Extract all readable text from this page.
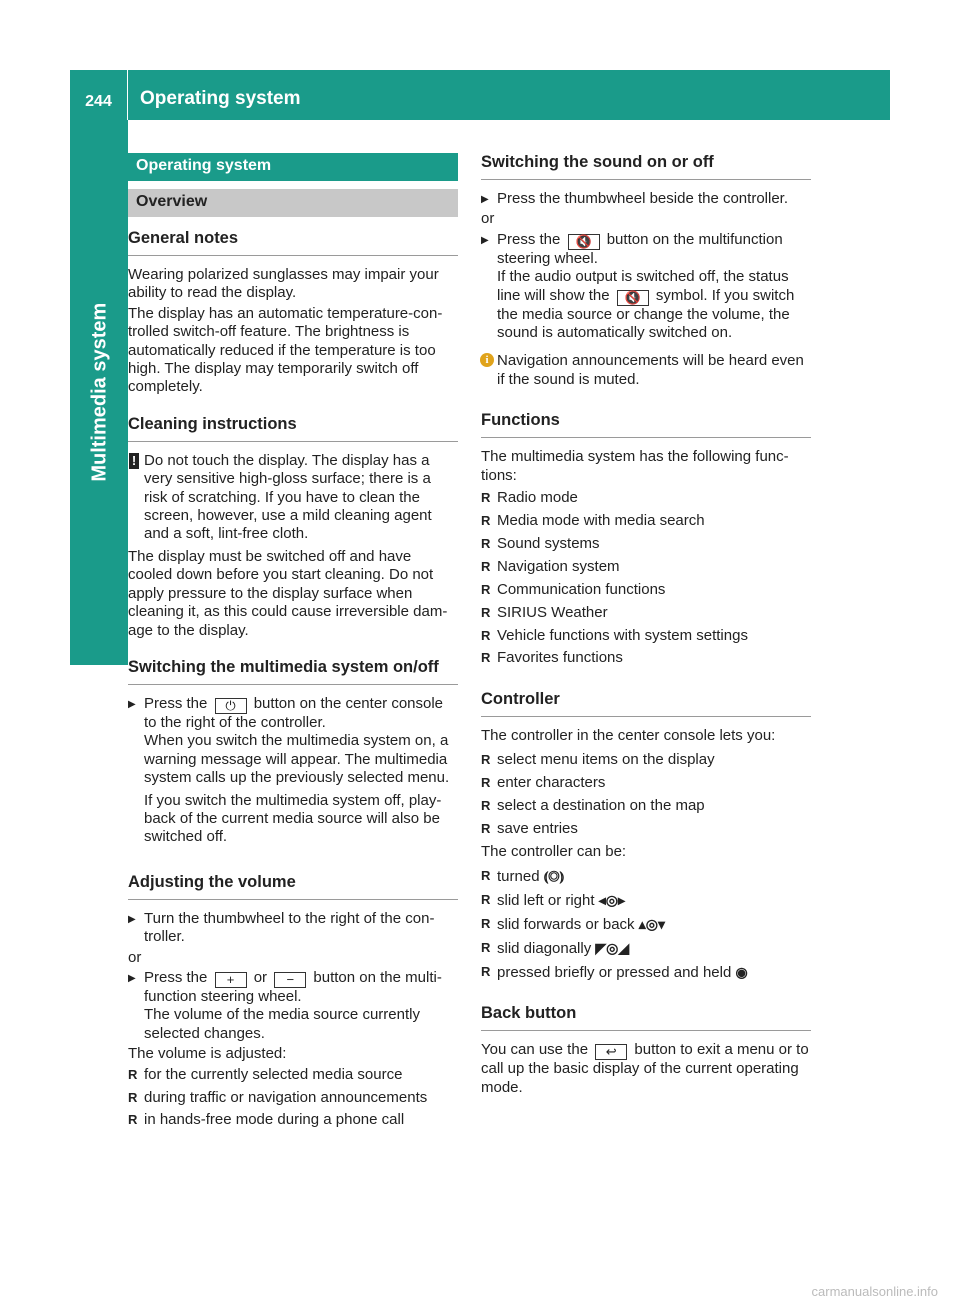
244	Operating system
Multimedia system
Operating system
Overview
General notes

Wearing polarized sunglasses may impair your ability to read the display.

The display has an automatic temperature-con- trolled switch-off feature. The brightness is automatically reduced if the temperature is too high. The display may temporarily switch off completely.

Cleaning instructions
! Do not touch the display. The display has a very sensitive high-gloss surface; there is a risk of scratching. If you have to clean the screen, however, use a mild cleaning agent and a soft, lint-free cloth.

The display must be switched off and have cooled down before you start cleaning. Do not apply pressure to the display surface when cleaning it, as this could cause irreversible dam- age to the display.

Switching the multimedia system on/off
▶ Press the ⏻ button on the center console to the right of the controller.

When you switch the multimedia system on, a warning message will appear. The multimedia system calls up the previously selected menu.

If you switch the multimedia system off, play- back of the current media source will also be switched off.

Adjusting the volume
▶ Turn the thumbwheel to the right of the con- troller.

or

▶ Press the + or − button on the multi- function steering wheel.

The volume of the media source currently selected changes.

The volume is adjusted:

R for the currently selected media source
R during traffic or navigation announcements
R in hands-free mode during a phone call
Switching the sound on or off
▶ Press the thumbwheel beside the controller.

or

▶ Press the 🔇 button on the multifunction steering wheel.

If the audio output is switched off, the status line will show the 🔇 symbol. If you switch the media source or change the volume, the sound is automatically switched on.

i Navigation announcements will be heard even if the sound is muted.
Functions

The multimedia system has the following func- tions:

R Radio mode
R Media mode with media search
R Sound systems
R Navigation system
R Communication functions
R SIRIUS Weather
R Vehicle functions with system settings
R Favorites functions
Controller

The controller in the center console lets you:

R select menu items on the display
R enter characters
R select a destination on the map
R save entries

The controller can be:

R turned ⦅◎⦆
R slid left or right ◂◎▸
R slid forwards or back ▴◎▾
R slid diagonally ◤◎◢
R pressed briefly or pressed and held ◉
Back button

You can use the ↩ button to exit a menu or to call up the basic display of the current operating mode.

carmanualsonline.info
